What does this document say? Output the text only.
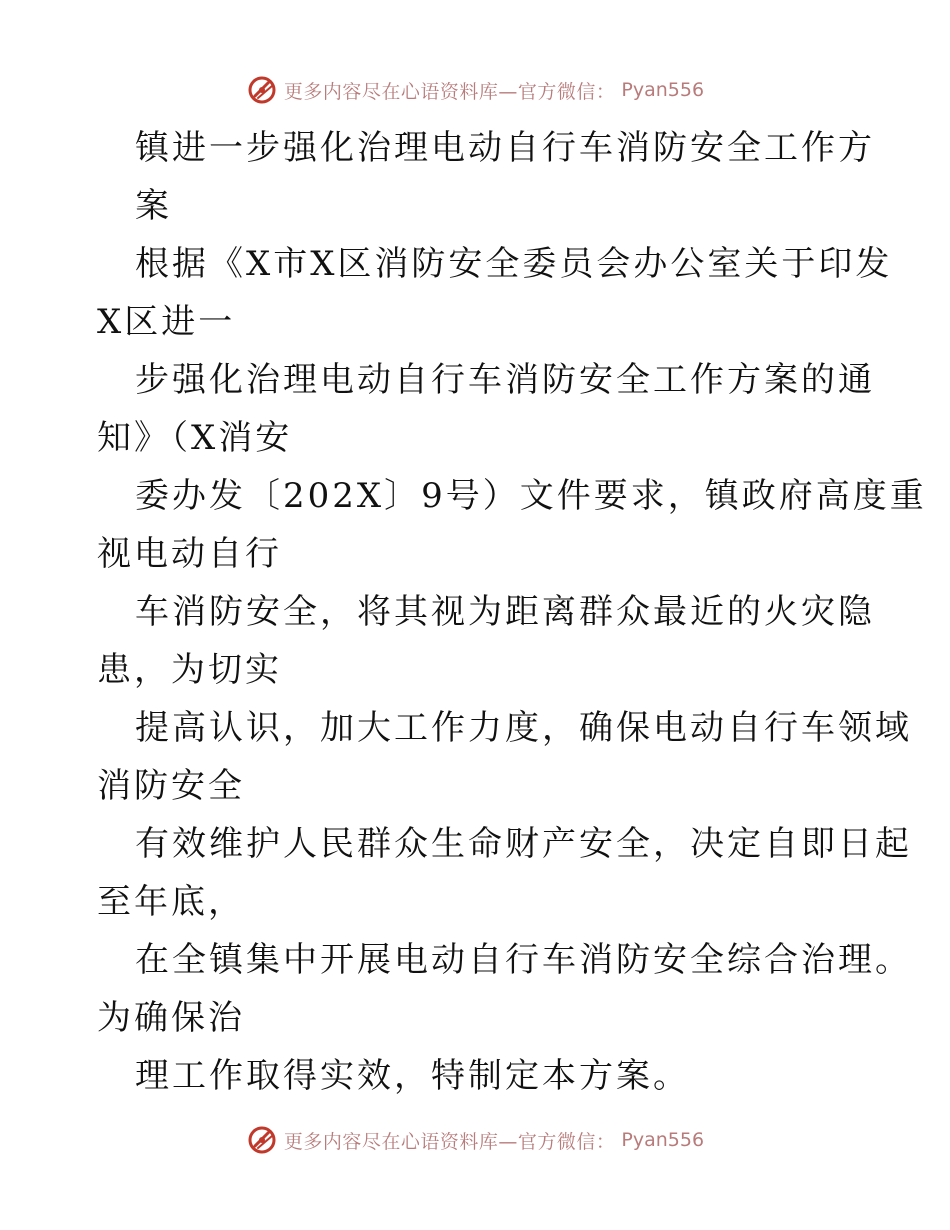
更多内容尽在心语资料库—官方微信： Pyan556
镇进一步强化治理电动自行车消防安全工作方
案
根据《X市X区消防安全委员会办公室关于印发
X区进一
步强化治理电动自行车消防安全工作方案的通
知》（X消安
委办发〔202X〕9号）文件要求，镇政府高度重
视电动自行
车消防安全，将其视为距离群众最近的火灾隐
患，为切实
提高认识，加大工作力度，确保电动自行车领域
消防安全
有效维护人民群众生命财产安全，决定自即日起
至年底，
在全镇集中开展电动自行车消防安全综合治理。
为确保治
理工作取得实效，特制定本方案。
更多内容尽在心语资料库—官方微信： Pyan556
